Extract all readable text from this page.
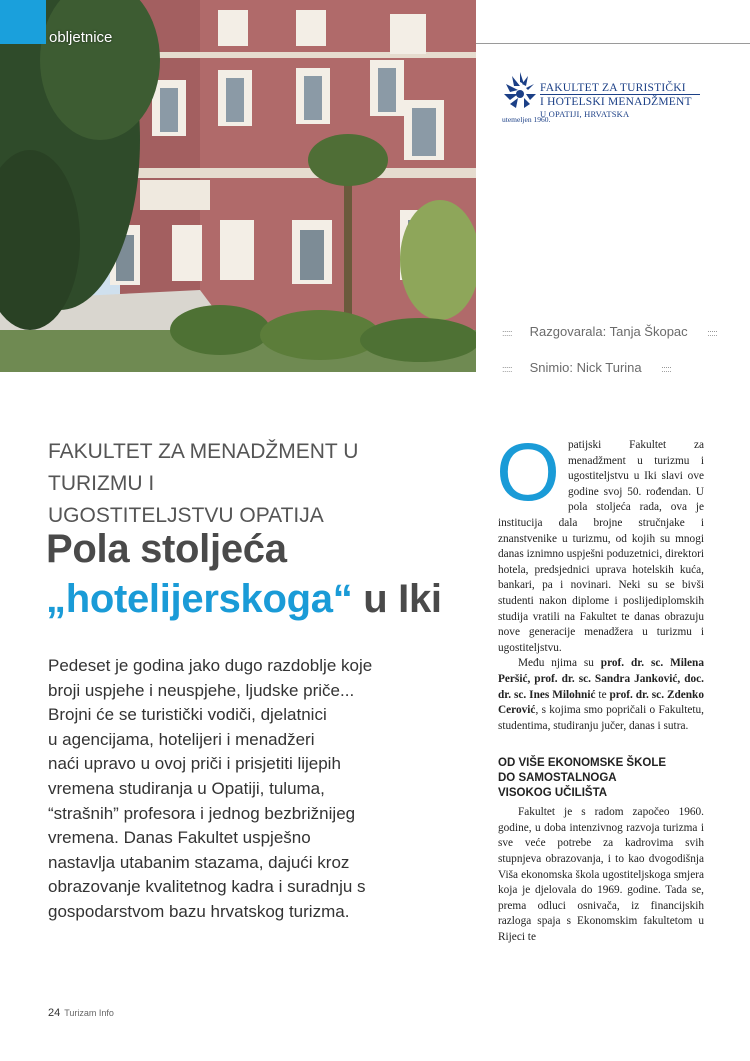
obljetnice
FAKULTET ZA TURISTIČKI
I HOTELSKI MENADŽMENT
U OPATIJI, HRVATSKA
utemeljen 1960.
::::: Razgovarala: Tanja Škopac :::::
::::: Snimio: Nick Turina :::::
FAKULTET ZA MENADŽMENT U TURIZMU I
UGOSTITELJSTVU OPATIJA
Pola stoljeća
„hotelijerskoga“ u Iki

Pedeset je godina jako dugo razdoblje koje

broji uspjehe i neuspjehe, ljudske priče...

Brojni će se turistički vodiči, djelatnici

u agencijama, hotelijeri i menadžeri

naći upravo u ovoj priči i prisjetiti lijepih

vremena studiranja u Opatiji, tuluma,

“strašnih” profesora i jednog bezbrižnijeg

vremena. Danas Fakultet uspješno

nastavlja utabanim stazama, dajući kroz

obrazovanje kvalitetnog kadra i suradnju s

gospodarstvom bazu hrvatskog turizma.

O patijski Fakultet za menadžment u turizmu i ugostiteljstvu u Iki slavi ove godine svoj 50. rođendan. U pola stoljeća rada, ova je institucija dala brojne stručnjake i znanstvenike u turizmu, od kojih su mnogi danas iznimno uspješni poduzetnici, direktori hotela, predsjednici uprava hotelskih kuća, bankari, pa i novinari. Neki su se bivši studenti nakon diplome i poslijediplomskih studija vratili na Fakultet te danas obrazuju nove generacije menadžera u turizmu i ugostiteljstvu.

Među njima su prof. dr. sc. Milena Peršić, prof. dr. sc. Sandra Janković, doc. dr. sc. Ines Milohnić te prof. dr. sc. Zdenko Cerović, s kojima smo popričali o Fakultetu, studentima, studiranju jučer, danas i sutra.

OD VIŠE EKONOMSKE ŠKOLE
DO SAMOSTALNOGA
VISOKOG UČILIŠTA

Fakultet je s radom započeo 1960. godine, u doba intenzivnog razvoja turizma i sve veće potrebe za kadrovima svih stupnjeva obrazovanja, i to kao dvogodišnja Viša ekonomska škola ugostiteljskoga smjera koja je djelovala do 1969. godine. Tada se, prema odluci osnivača, iz financijskih razloga spaja s Ekonomskim fakultetom u Rijeci te

24 Turizam Info
